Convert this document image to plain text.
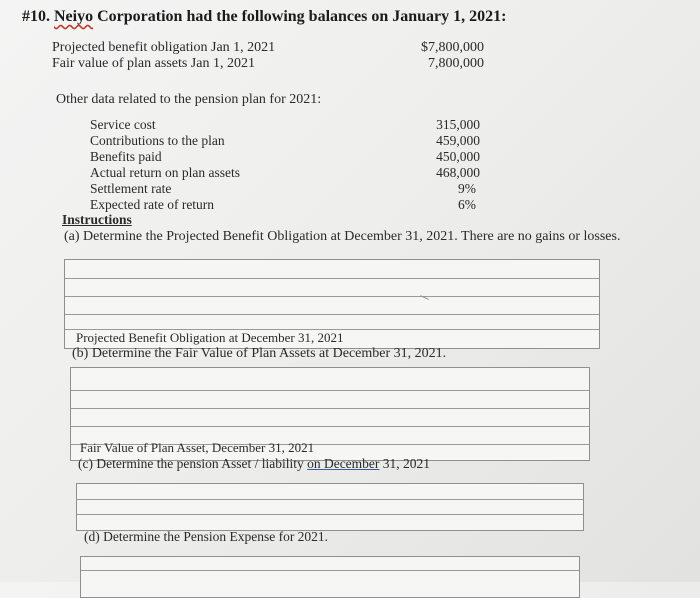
#10. Neiyo Corporation had the following balances on January 1, 2021:
Projected benefit obligation Jan 1, 2021	$7,800,000
Fair value of plan assets Jan 1, 2021	7,800,000
Other data related to the pension plan for 2021:
Service cost	315,000
Contributions to the plan	459,000
Benefits paid	450,000
Actual return on plan assets	468,000
Settlement rate	9%
Expected rate of return	6%
Instructions
(a) Determine the Projected Benefit Obligation at December 31, 2021. There are no gains or losses.
Projected Benefit Obligation at December 31, 2021
(b) Determine the Fair Value of Plan Assets at December 31, 2021.
Fair Value of Plan Asset, December 31, 2021
(c) Determine the pension Asset / liability on December 31, 2021
(d) Determine the Pension Expense for 2021.
